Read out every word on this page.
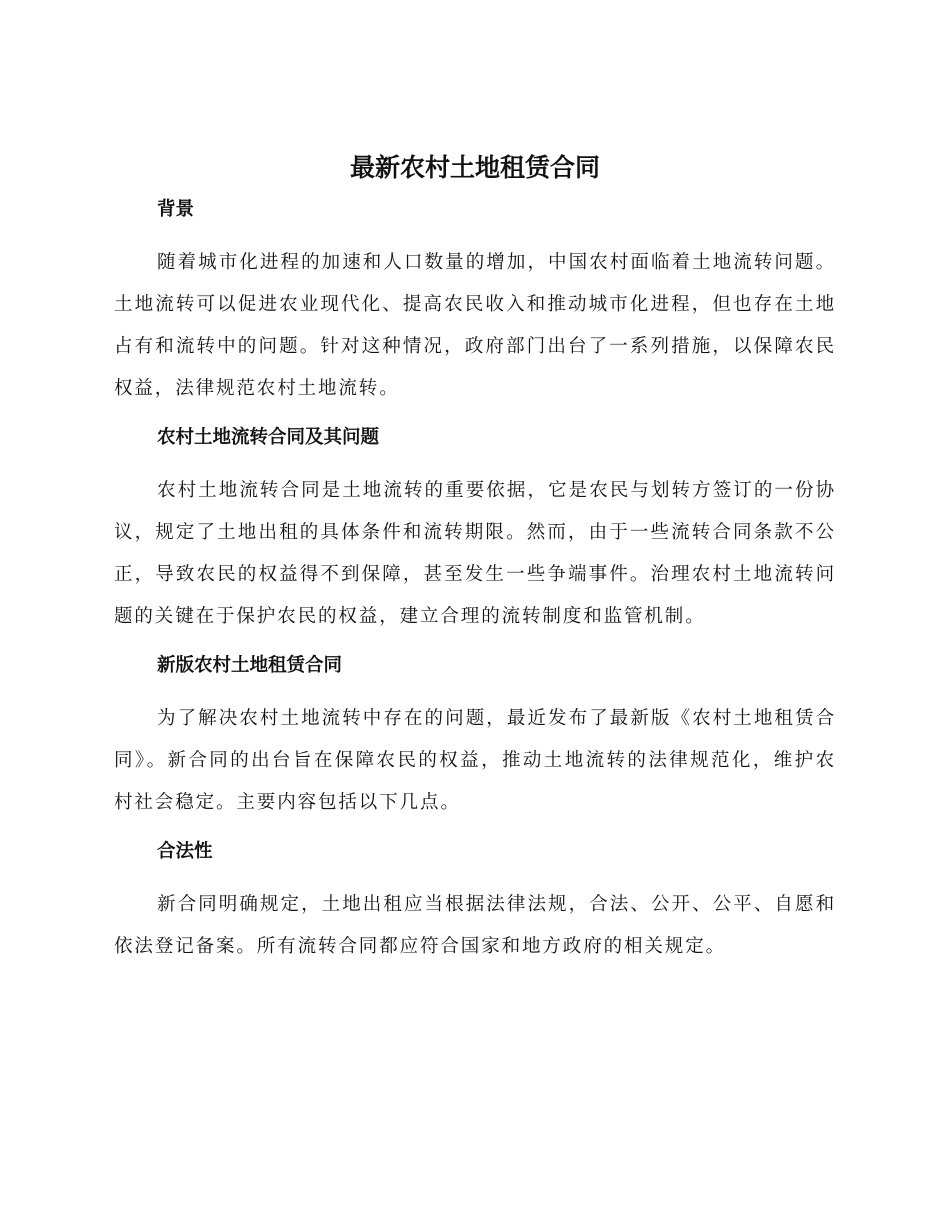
最新农村土地租赁合同
背景

随着城市化进程的加速和人口数量的增加，中国农村面临着土地流转问题。土地流转可以促进农业现代化、提高农民收入和推动城市化进程，但也存在土地占有和流转中的问题。针对这种情况，政府部门出台了一系列措施，以保障农民权益，法律规范农村土地流转。

农村土地流转合同及其问题

农村土地流转合同是土地流转的重要依据，它是农民与划转方签订的一份协议，规定了土地出租的具体条件和流转期限。然而，由于一些流转合同条款不公正，导致农民的权益得不到保障，甚至发生一些争端事件。治理农村土地流转问题的关键在于保护农民的权益，建立合理的流转制度和监管机制。

新版农村土地租赁合同

为了解决农村土地流转中存在的问题，最近发布了最新版《农村土地租赁合同》。新合同的出台旨在保障农民的权益，推动土地流转的法律规范化，维护农村社会稳定。主要内容包括以下几点。

合法性

新合同明确规定，土地出租应当根据法律法规，合法、公开、公平、自愿和依法登记备案。所有流转合同都应符合国家和地方政府的相关规定。
